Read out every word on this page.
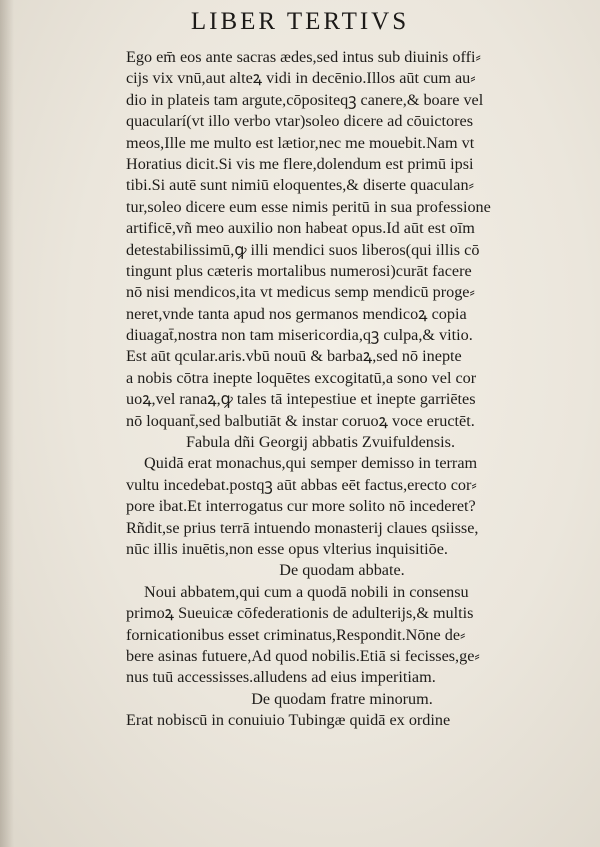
LIBER TERTIVS
Ego em̄ eos ante sacras ædes,sed intus sub diuinis offi⸗
cijs vix vnū,aut alteꝝ vidi in decēnio.Illos aūt cum au⸗
dio in plateis tam argute,cōpositeqꝫ canere,& boare vel
quacularí(vt illo verbo vtar)soleo dicere ad cōuictores
meos,Ille me multo est lætior,nec me mouebit.Nam vt
Horatius dicit.Si vis me flere,dolendum est primū ipsi
tibi.Si autē sunt nimiū eloquentes,& diserte quaculan⸗
tur,soleo dicere eum esse nimis peritū in sua professione
artificē,vñ meo auxilio non habeat opus.Id aūt est oīm
detestabilissimū,ꝙ illi mendici suos liberos(qui illis cō
tingunt plus cæteris mortalibus numerosi)curāt facere
nō nisi mendicos,ita vt medicus semp mendicū proge⸗
neret,vnde tanta apud nos germanos mendicoꝝ copia
diuagat̄,nostra non tam misericordia,qꝫ culpa,& vitio.
Est aūt qcular.aris.vbū nouū & barbaꝝ,sed nō inepte
a nobis cōtra inepte loquētes excogitatū,a sono vel cor
uoꝝ,vel ranaꝝ,ꝙ tales tā intepestiue et inepte garriētes
nō loquant̄,sed balbutiāt & instar coruoꝝ voce eructēt.
Fabula dñi Georgij abbatis Zvuifuldensis.
Quidā erat monachus,qui semper demisso in terram
vultu incedebat.postqꝫ aūt abbas eēt factus,erecto cor⸗
pore ibat.Et interrogatus cur more solito nō incederet?
Rñdit,se prius terrā intuendo monasterij claues qsiisse,
nūc illis inuētis,non esse opus vlterius inquisitiōe.
De quodam abbate.
Noui abbatem,qui cum a quodā nobili in consensu
primoꝝ Sueuicæ cōfederationis de adulterijs,& multis
fornicationibus esset criminatus,Respondit.Nōne de⸗
bere asinas futuere,Ad quod nobilis.Etiā si fecisses,ge⸗
nus tuū accessisses.alludens ad eius imperitiam.
De quodam fratre minorum.
Erat nobiscū in conuiuio Tubingæ quidā ex ordine
